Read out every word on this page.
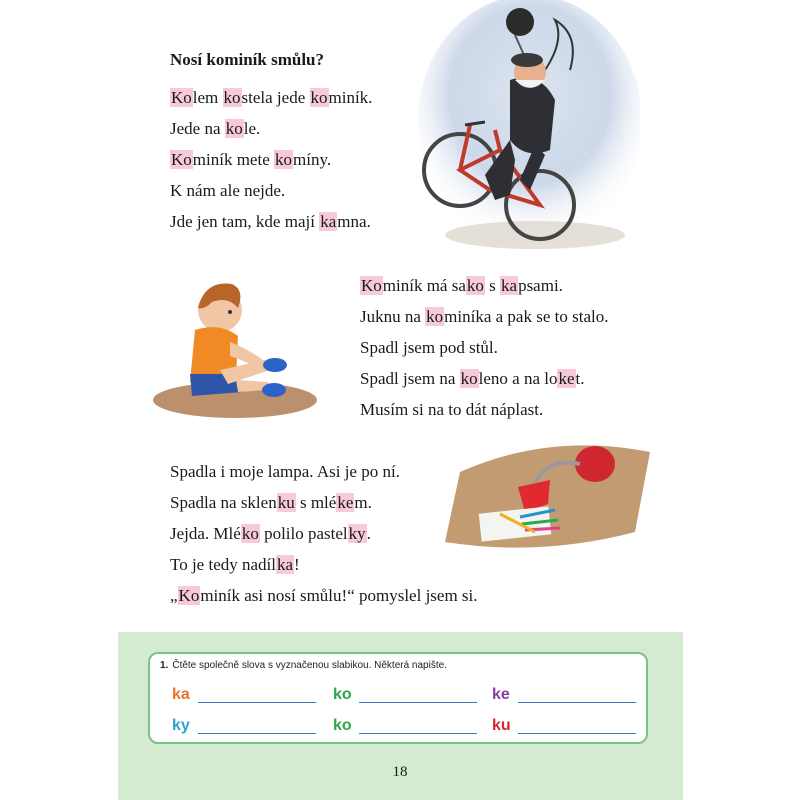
Nosí kominík smůlu?
Kolem kostela jede kominík.
Jede na kole.
Kominík mete komíny.
K nám ale nejde.
Jde jen tam, kde mají kamna.
Kominík má sako s kapsami.
Juknu na kominíka a pak se to stalo.
Spadl jsem pod stůl.
Spadl jsem na koleno a na loket.
Musím si na to dát náplast.
Spadla i moje lampa. Asi je po ní.
Spadla na sklenku s mlékem.
Jejda. Mléko polilo pastelky.
To je tedy nadílka!
„Kominík asi nosí smůlu!“ pomyslel jsem si.
1. Čtěte společně slova s vyznačenou slabikou. Některá napište.
ka	ko	ke
ky	ko	ku
18
